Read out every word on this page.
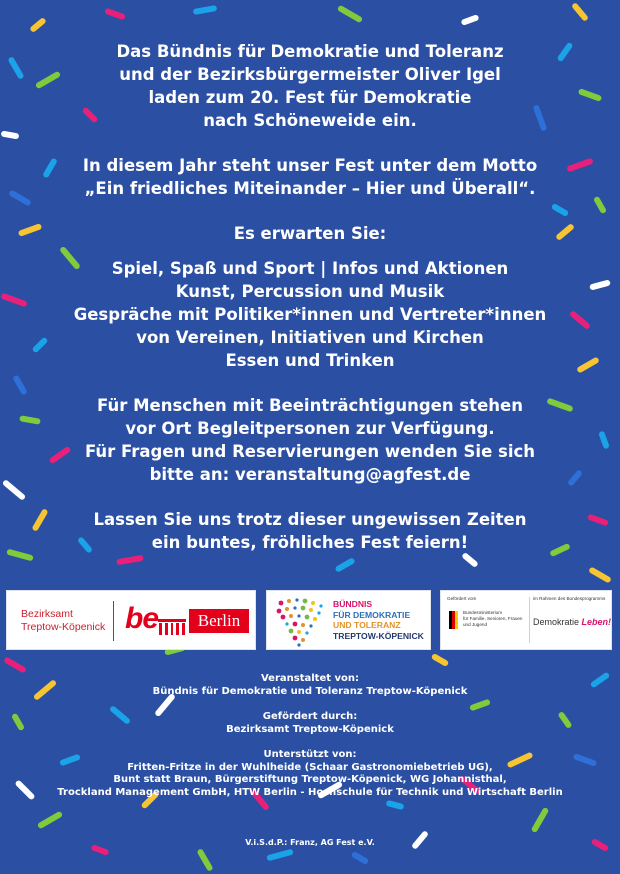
Das Bündnis für Demokratie und Toleranz
und der Bezirksbürgermeister Oliver Igel
laden zum 20. Fest für Demokratie
nach Schöneweide ein.
In diesem Jahr steht unser Fest unter dem Motto
„Ein friedliches Miteinander – Hier und Überall“.
Es erwarten Sie:
Spiel, Spaß und Sport | Infos und Aktionen
Kunst, Percussion und Musik
Gespräche mit Politiker*innen und Vertreter*innen
von Vereinen, Initiativen und Kirchen
Essen und Trinken
Für Menschen mit Beeinträchtigungen stehen
vor Ort Begleitpersonen zur Verfügung.
Für Fragen und Reservierungen wenden Sie sich
bitte an: veranstaltung@agfest.de
Lassen Sie uns trotz dieser ungewissen Zeiten
ein buntes, fröhliches Fest feiern!
Bezirksamt
Treptow-Köpenick be	Berlin
BÜNDNIS
FÜR DEMOKRATIE
UND TOLERANZ
TREPTOW-KÖPENICK
Gefördert vom
Bundesministerium
für Familie, Senioren, Frauen
und Jugend
im Rahmen des Bundesprogramms
Demokratie Leben!
Veranstaltet von:
Bündnis für Demokratie und Toleranz Treptow-Köpenick
Gefördert durch:
Bezirksamt Treptow-Köpenick
Unterstützt von:
Fritten-Fritze in der Wuhlheide (Schaar Gastronomiebetrieb UG),
Bunt statt Braun, Bürgerstiftung Treptow-Köpenick, WG Johannisthal,
Trockland Management GmbH, HTW Berlin - Hochschule für Technik und Wirtschaft Berlin
V.i.S.d.P.: Franz, AG Fest e.V.
